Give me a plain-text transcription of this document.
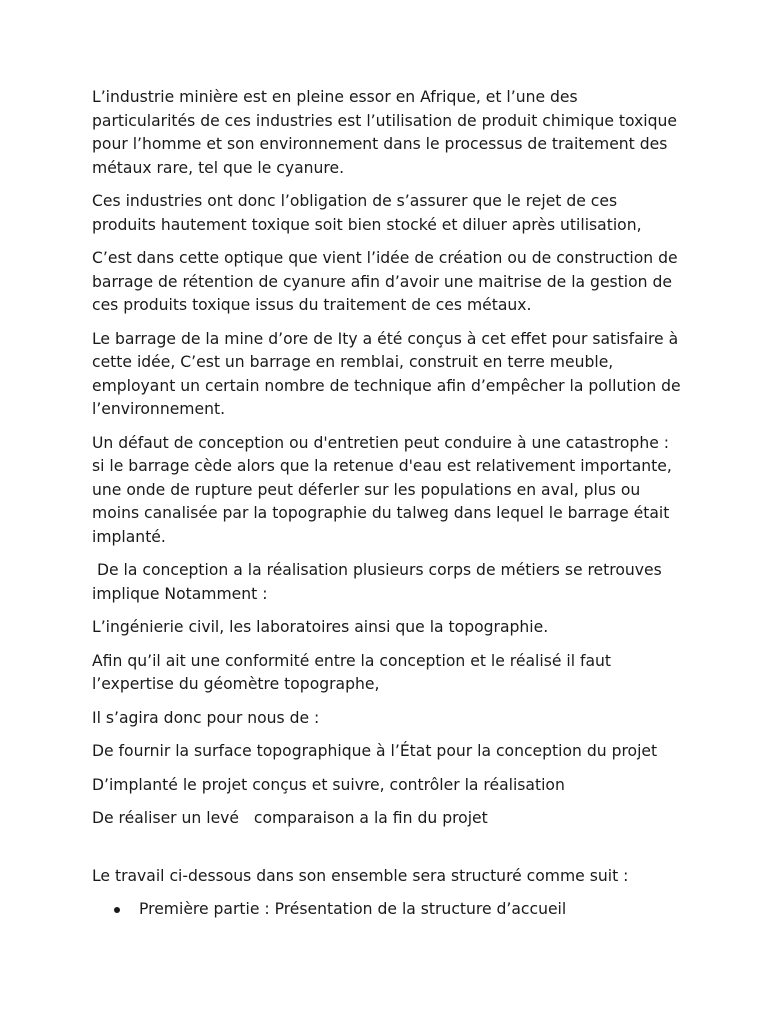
L’industrie minière est en pleine essor en Afrique, et l’une des particularités de ces industries est l’utilisation de produit chimique toxique pour l’homme et son environnement dans le processus de traitement des métaux rare, tel que le cyanure.

Ces industries ont donc l’obligation de s’assurer que le rejet de ces produits hautement toxique soit bien stocké et diluer après utilisation,

C’est dans cette optique que vient l’idée de création ou de construction de barrage de rétention de cyanure afin d’avoir une maitrise de la gestion de ces produits toxique issus du traitement de ces métaux.

Le barrage de la mine d’ore de Ity a été conçus à cet effet pour satisfaire à cette idée, C’est un barrage en remblai, construit en terre meuble, employant un certain nombre de technique afin d’empêcher la pollution de l’environnement.

Un défaut de conception ou d'entretien peut conduire à une catastrophe : si le barrage cède alors que la retenue d'eau est relativement importante, une onde de rupture peut déferler sur les populations en aval, plus ou moins canalisée par la topographie du talweg dans lequel le barrage était implanté.

De la conception a la réalisation plusieurs corps de métiers se retrouves implique Notamment :

L’ingénierie civil, les laboratoires ainsi que la topographie.

Afin qu’il ait une conformité entre la conception et le réalisé il faut l’expertise du géomètre topographe,

Il s’agira donc pour nous de :

De fournir la surface topographique à l’État pour la conception du projet

D’implanté le projet conçus et suivre, contrôler la réalisation

De réaliser un levé   comparaison a la fin du projet

Le travail ci-dessous dans son ensemble sera structuré comme suit :

Première partie : Présentation de la structure d’accueil
